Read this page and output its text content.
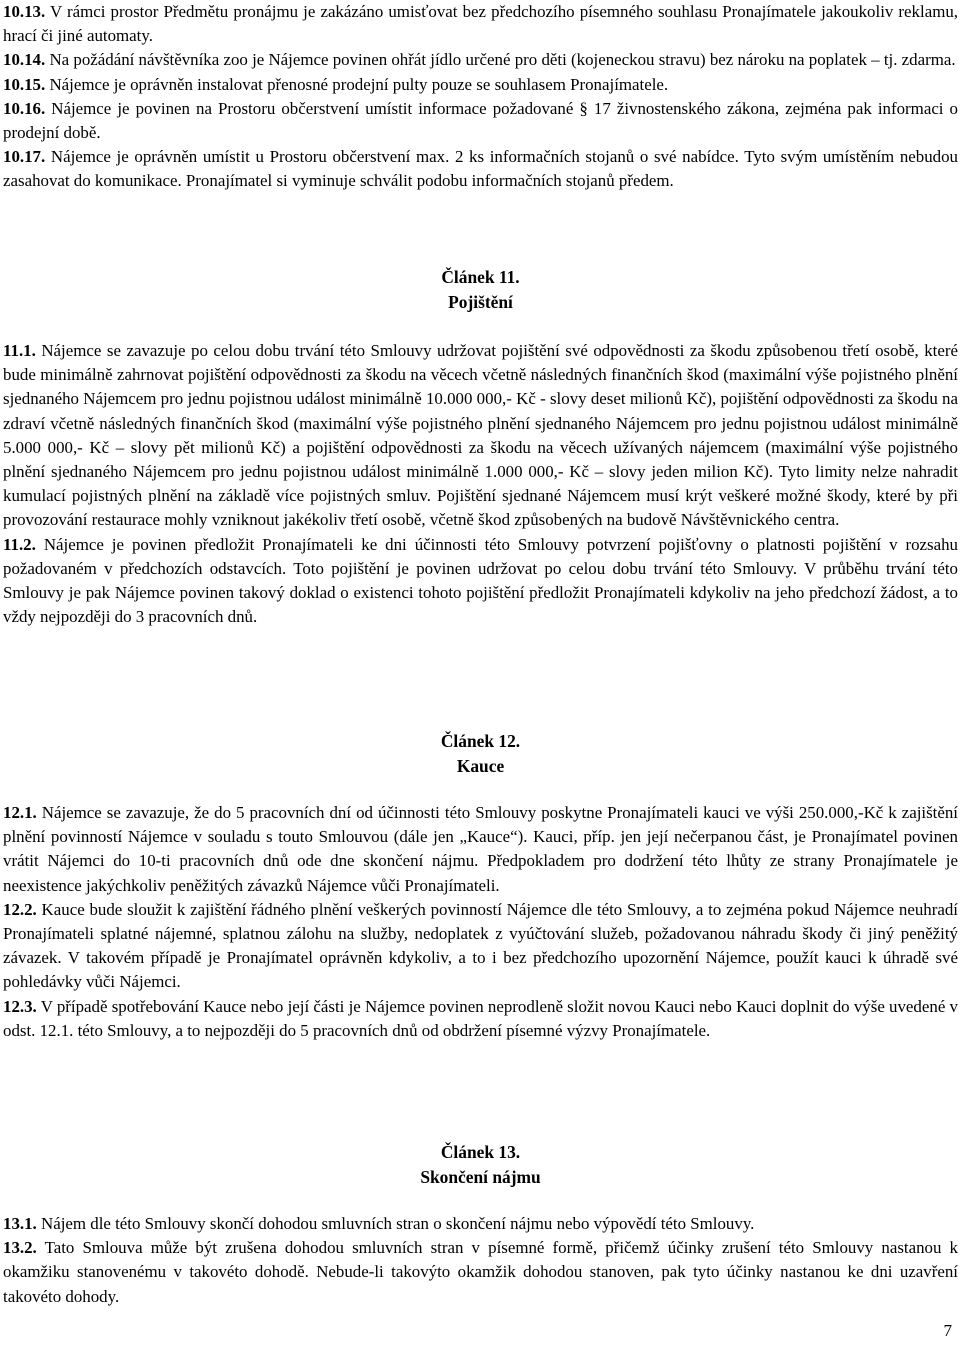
10.13. V rámci prostor Předmětu pronájmu je zakázáno umisťovat bez předchozího písemného souhlasu Pronajímatele jakoukoliv reklamu, hrací či jiné automaty.

10.14. Na požádání návštěvníka zoo je Nájemce povinen ohřát jídlo určené pro děti (kojeneckou stravu) bez nároku na poplatek – tj. zdarma.

10.15. Nájemce je oprávněn instalovat přenosné prodejní pulty pouze se souhlasem Pronajímatele.

10.16. Nájemce je povinen na Prostoru občerstvení umístit informace požadované § 17 živnostenského zákona, zejména pak informaci o prodejní době.

10.17. Nájemce je oprávněn umístit u Prostoru občerstvení max. 2 ks informačních stojanů o své nabídce. Tyto svým umístěním nebudou zasahovat do komunikace. Pronajímatel si vyminuje schválit podobu informačních stojanů předem.

Článek 11.

Pojištění

11.1. Nájemce se zavazuje po celou dobu trvání této Smlouvy udržovat pojištění své odpovědnosti za škodu způsobenou třetí osobě, které bude minimálně zahrnovat pojištění odpovědnosti za škodu na věcech včetně následných finančních škod (maximální výše pojistného plnění sjednaného Nájemcem pro jednu pojistnou událost minimálně 10.000 000,- Kč - slovy deset milionů Kč), pojištění odpovědnosti za škodu na zdraví včetně následných finančních škod (maximální výše pojistného plnění sjednaného Nájemcem pro jednu pojistnou událost minimálně 5.000 000,- Kč – slovy pět milionů Kč) a pojištění odpovědnosti za škodu na věcech užívaných nájemcem (maximální výše pojistného plnění sjednaného Nájemcem pro jednu pojistnou událost minimálně 1.000 000,- Kč – slovy jeden milion Kč). Tyto limity nelze nahradit kumulací pojistných plnění na základě více pojistných smluv. Pojištění sjednané Nájemcem musí krýt veškeré možné škody, které by při provozování restaurace mohly vzniknout jakékoliv třetí osobě, včetně škod způsobených na budově Návštěvnického centra.

11.2. Nájemce je povinen předložit Pronajímateli ke dni účinnosti této Smlouvy potvrzení pojišťovny o platnosti pojištění v rozsahu požadovaném v předchozích odstavcích. Toto pojištění je povinen udržovat po celou dobu trvání této Smlouvy. V průběhu trvání této Smlouvy je pak Nájemce povinen takový doklad o existenci tohoto pojištění předložit Pronajímateli kdykoliv na jeho předchozí žádost, a to vždy nejpozději do 3 pracovních dnů.

Článek 12.

Kauce

12.1. Nájemce se zavazuje, že do 5 pracovních dní od účinnosti této Smlouvy poskytne Pronajímateli kauci ve výši 250.000,-Kč k zajištění plnění povinností Nájemce v souladu s touto Smlouvou (dále jen „Kauce“). Kauci, příp. jen její nečerpanou část, je Pronajímatel povinen vrátit Nájemci do 10-ti pracovních dnů ode dne skončení nájmu. Předpokladem pro dodržení této lhůty ze strany Pronajímatele je neexistence jakýchkoliv peněžitých závazků Nájemce vůči Pronajímateli.

12.2. Kauce bude sloužit k zajištění řádného plnění veškerých povinností Nájemce dle této Smlouvy, a to zejména pokud Nájemce neuhradí Pronajímateli splatné nájemné, splatnou zálohu na služby, nedoplatek z vyúčtování služeb, požadovanou náhradu škody či jiný peněžitý závazek. V takovém případě je Pronajímatel oprávněn kdykoliv, a to i bez předchozího upozornění Nájemce, použít kauci k úhradě své pohledávky vůči Nájemci.

12.3. V případě spotřebování Kauce nebo její části je Nájemce povinen neprodleně složit novou Kauci nebo Kauci doplnit do výše uvedené v odst. 12.1. této Smlouvy, a to nejpozději do 5 pracovních dnů od obdržení písemné výzvy Pronajímatele.

Článek 13.

Skončení nájmu

13.1. Nájem dle této Smlouvy skončí dohodou smluvních stran o skončení nájmu nebo výpovědí této Smlouvy.

13.2. Tato Smlouva může být zrušena dohodou smluvních stran v písemné formě, přičemž účinky zrušení této Smlouvy nastanou k okamžiku stanovenému v takovéto dohodě. Nebude-li takovýto okamžik dohodou stanoven, pak tyto účinky nastanou ke dni uzavření takovéto dohody.

7
